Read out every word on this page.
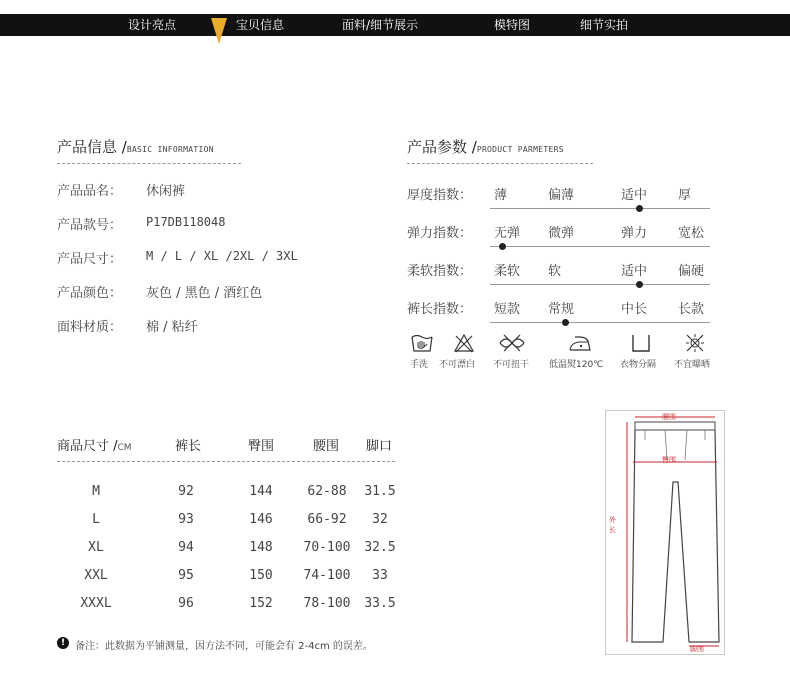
设计亮点	宝贝信息	面料/细节展示	模特图	细节实拍
产品信息 /BASIC INFORMATION
产品品名： 休闲裤
产品款号： P17DB118048
产品尺寸： M / L / XL /2XL / 3XL
产品颜色： 灰色 / 黑色 / 酒红色
面料材质： 棉 / 粘纤
产品参数 /PRODUCT PARMETERS
厚度指数： 薄	偏薄	适中 厚
弹力指数： 无弹 微弹	弹力 宽松
柔软指数： 柔软 软	适中 偏硬
裤长指数： 短款 常规	中长 长款
手洗 不可漂白 不可扭干 低温熨120℃ 衣物分隔 不宜曝晒
商品尺寸 /CM	裤长	臀围	腰围 脚口
M	92	144	62-88 31.5
L	93	146	66-92 32
XL	94	148 70-100 32.5
XXL	95	150 74-100 33
XXXL	96	152 78-100 33.5
! 备注：此数据为平铺测量，因方法不同，可能会有 2-4cm 的误差。
腰围
臀围
外长
脚围
